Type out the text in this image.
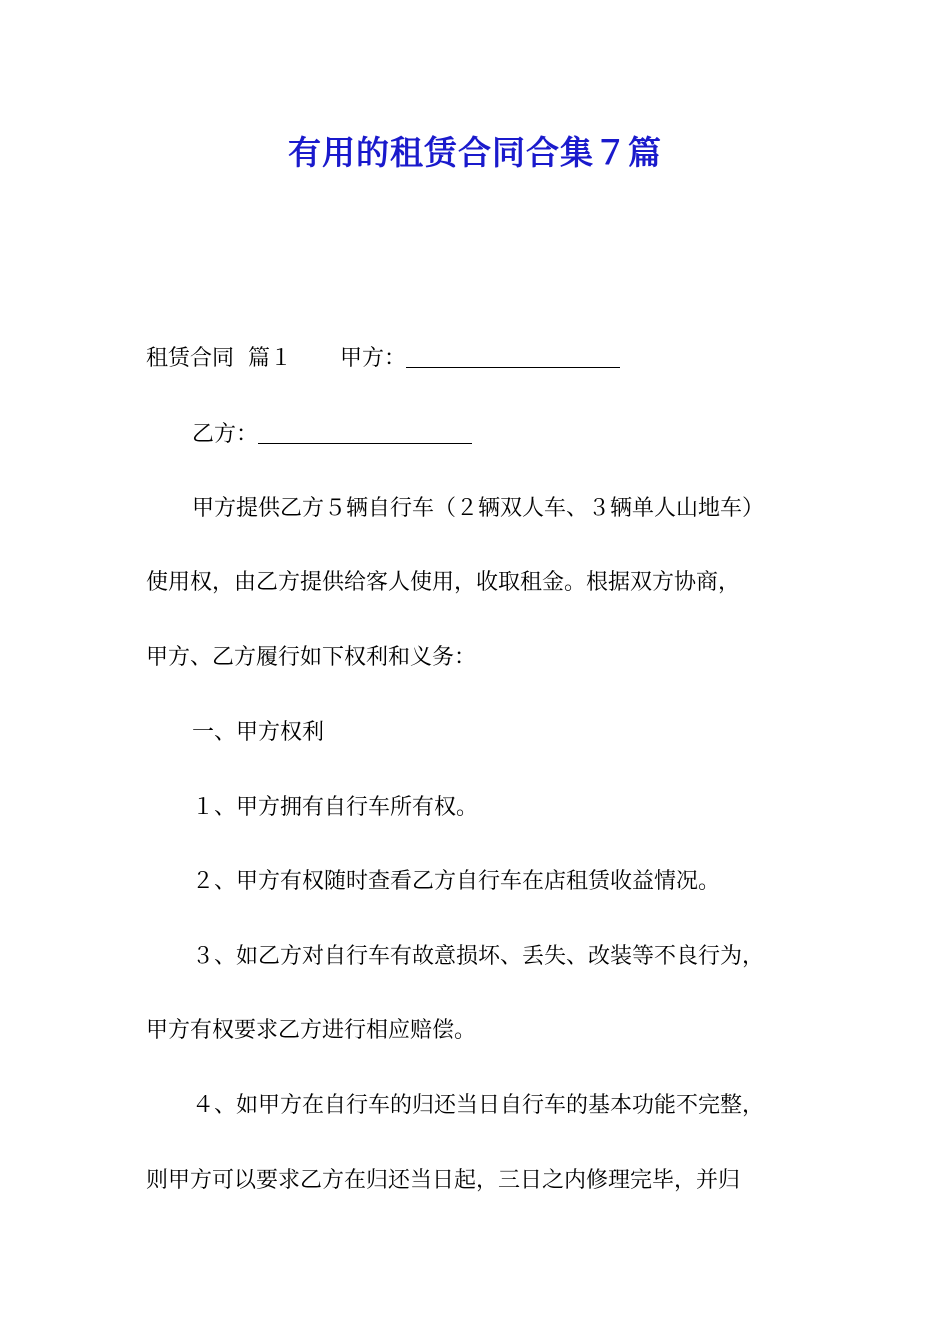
有用的租赁合同合集７篇
租赁合同 篇１ 甲方：
乙方：
甲方提供乙方５辆自行车（２辆双人车、３辆单人山地车）
使用权，由乙方提供给客人使用，收取租金。根据双方协商，
甲方、乙方履行如下权利和义务：
一、甲方权利
１、甲方拥有自行车所有权。
２、甲方有权随时查看乙方自行车在店租赁收益情况。
３、如乙方对自行车有故意损坏、丢失、改装等不良行为，
甲方有权要求乙方进行相应赔偿。
４、如甲方在自行车的归还当日自行车的基本功能不完整，
则甲方可以要求乙方在归还当日起，三日之内修理完毕，并归
